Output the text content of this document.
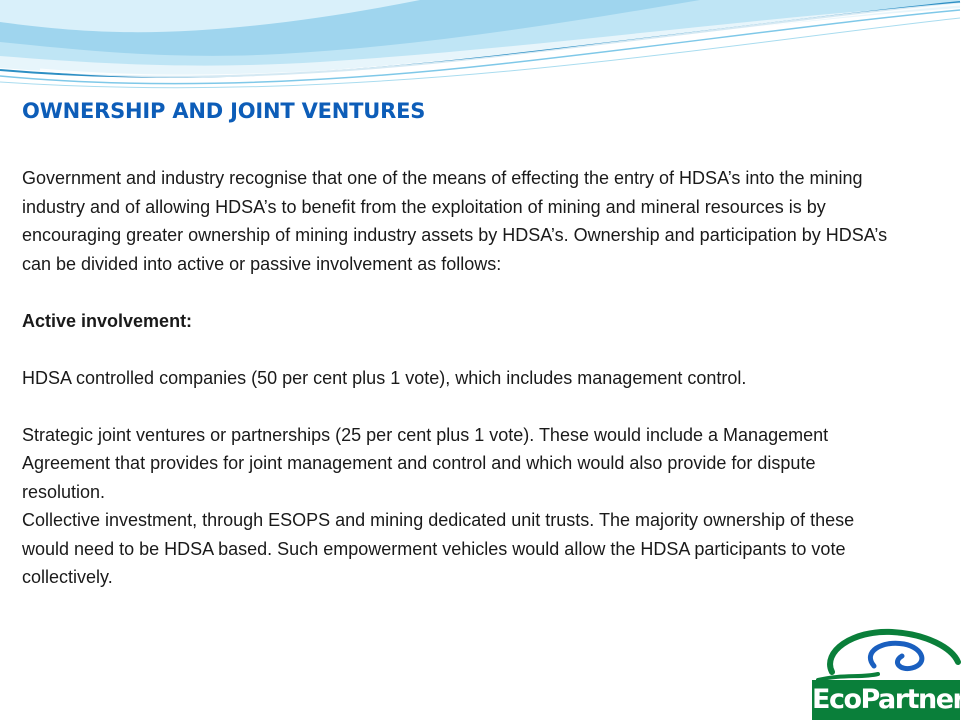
OWNERSHIP AND JOINT VENTURES

Government and industry recognise that one of the means of effecting the entry of HDSA’s into the mining industry and of allowing HDSA’s to benefit from the exploitation of mining and mineral resources is by encouraging greater ownership of mining industry assets by HDSA’s. Ownership and participation by HDSA’s can be divided into active or passive involvement as follows:

Active involvement:

HDSA controlled companies (50 per cent plus 1 vote), which includes management control.

Strategic joint ventures or partnerships (25 per cent plus 1 vote). These would include a Management Agreement that provides for joint management and control and which would also provide for dispute resolution.

Collective investment, through ESOPS and mining dedicated unit trusts. The majority ownership of these would need to be HDSA based. Such empowerment vehicles would allow the HDSA participants to vote collectively.

EcoPartners
